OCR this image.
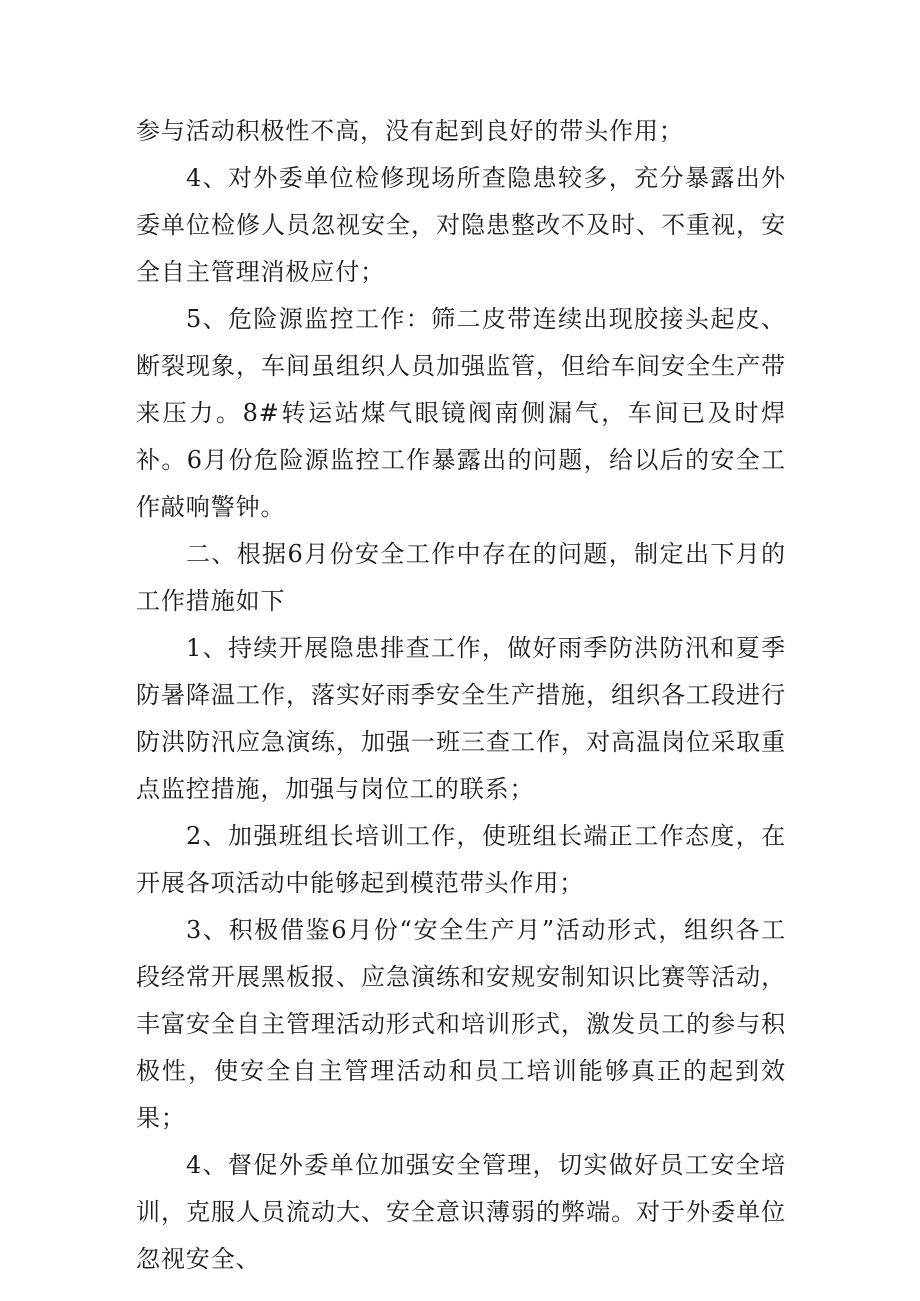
参与活动积极性不高，没有起到良好的带头作用；

4、对外委单位检修现场所查隐患较多，充分暴露出外委单位检修人员忽视安全，对隐患整改不及时、不重视，安全自主管理消极应付；

5、危险源监控工作：筛二皮带连续出现胶接头起皮、断裂现象，车间虽组织人员加强监管，但给车间安全生产带来压力。8#转运站煤气眼镜阀南侧漏气，车间已及时焊补。6月份危险源监控工作暴露出的问题，给以后的安全工作敲响警钟。

二、根据6月份安全工作中存在的问题，制定出下月的工作措施如下

1、持续开展隐患排查工作，做好雨季防洪防汛和夏季防暑降温工作，落实好雨季安全生产措施，组织各工段进行防洪防汛应急演练，加强一班三查工作，对高温岗位采取重点监控措施，加强与岗位工的联系；

2、加强班组长培训工作，使班组长端正工作态度，在开展各项活动中能够起到模范带头作用；

3、积极借鉴6月份“安全生产月”活动形式，组织各工段经常开展黑板报、应急演练和安规安制知识比赛等活动，丰富安全自主管理活动形式和培训形式，激发员工的参与积极性，使安全自主管理活动和员工培训能够真正的起到效果；

4、督促外委单位加强安全管理，切实做好员工安全培训，克服人员流动大、安全意识薄弱的弊端。对于外委单位忽视安全、
